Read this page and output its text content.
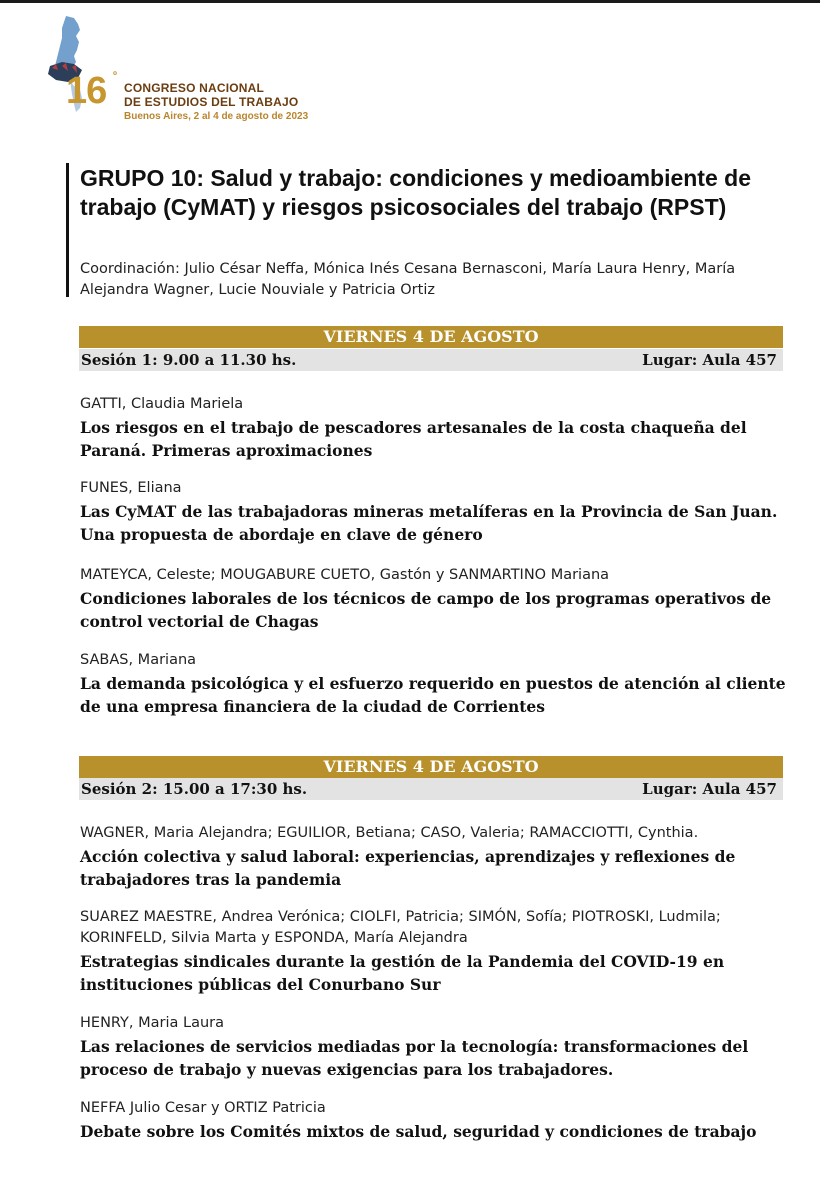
16 º
CONGRESO NACIONAL
DE ESTUDIOS DEL TRABAJO
Buenos Aires, 2 al 4 de agosto de 2023
GRUPO 10: Salud y trabajo: condiciones y medioambiente de trabajo (CyMAT) y riesgos psicosociales del trabajo (RPST)
Coordinación: Julio César Neffa, Mónica Inés Cesana Bernasconi, María Laura Henry, María Alejandra Wagner, Lucie Nouviale y Patricia Ortiz
VIERNES 4 DE AGOSTO
Sesión 1: 9.00 a 11.30 hs.	Lugar: Aula 457
GATTI, Claudia Mariela
Los riesgos en el trabajo de pescadores artesanales de la costa chaqueña del Paraná. Primeras aproximaciones
FUNES, Eliana
Las CyMAT de las trabajadoras mineras metalíferas en la Provincia de San Juan. Una propuesta de abordaje en clave de género
MATEYCA, Celeste; MOUGABURE CUETO, Gastón y SANMARTINO Mariana
Condiciones laborales de los técnicos de campo de los programas operativos de control vectorial de Chagas
SABAS, Mariana
La demanda psicológica y el esfuerzo requerido en puestos de atención al cliente de una empresa financiera de la ciudad de Corrientes
VIERNES 4 DE AGOSTO
Sesión 2: 15.00 a 17:30 hs.	Lugar: Aula 457
WAGNER, Maria Alejandra; EGUILIOR, Betiana; CASO, Valeria; RAMACCIOTTI, Cynthia.
Acción colectiva y salud laboral: experiencias, aprendizajes y reflexiones de trabajadores tras la pandemia
SUAREZ MAESTRE, Andrea Verónica; CIOLFI, Patricia; SIMÓN, Sofía; PIOTROSKI, Ludmila; KORINFELD, Silvia Marta y ESPONDA, María Alejandra
Estrategias sindicales durante la gestión de la Pandemia del COVID-19 en instituciones públicas del Conurbano Sur
HENRY, Maria Laura
Las relaciones de servicios mediadas por la tecnología: transformaciones del proceso de trabajo y nuevas exigencias para los trabajadores.
NEFFA Julio Cesar y ORTIZ Patricia
Debate sobre los Comités mixtos de salud, seguridad y condiciones de trabajo
